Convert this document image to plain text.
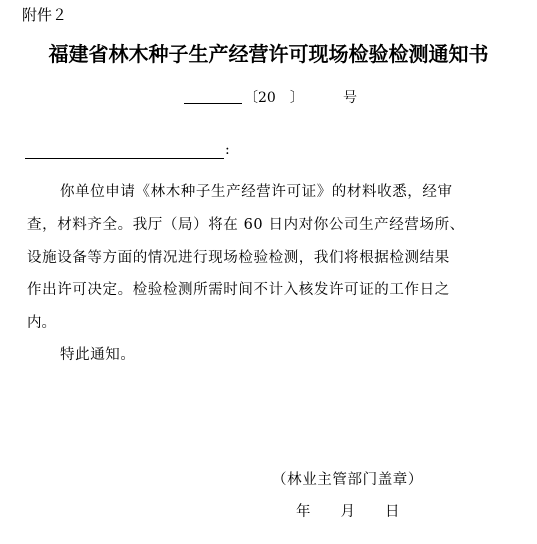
附件２
福建省林木种子生产经营许可现场检验检测通知书
〔20　〕	号
:
你单位申请《林木种子生产经营许可证》的材料收悉，经审
查，材料齐全。我厅（局）将在 60 日内对你公司生产经营场所、
设施设备等方面的情况进行现场检验检测，我们将根据检测结果
作出许可决定。检验检测所需时间不计入核发许可证的工作日之
内。
特此通知。
（林业主管部门盖章）
年 月 日
